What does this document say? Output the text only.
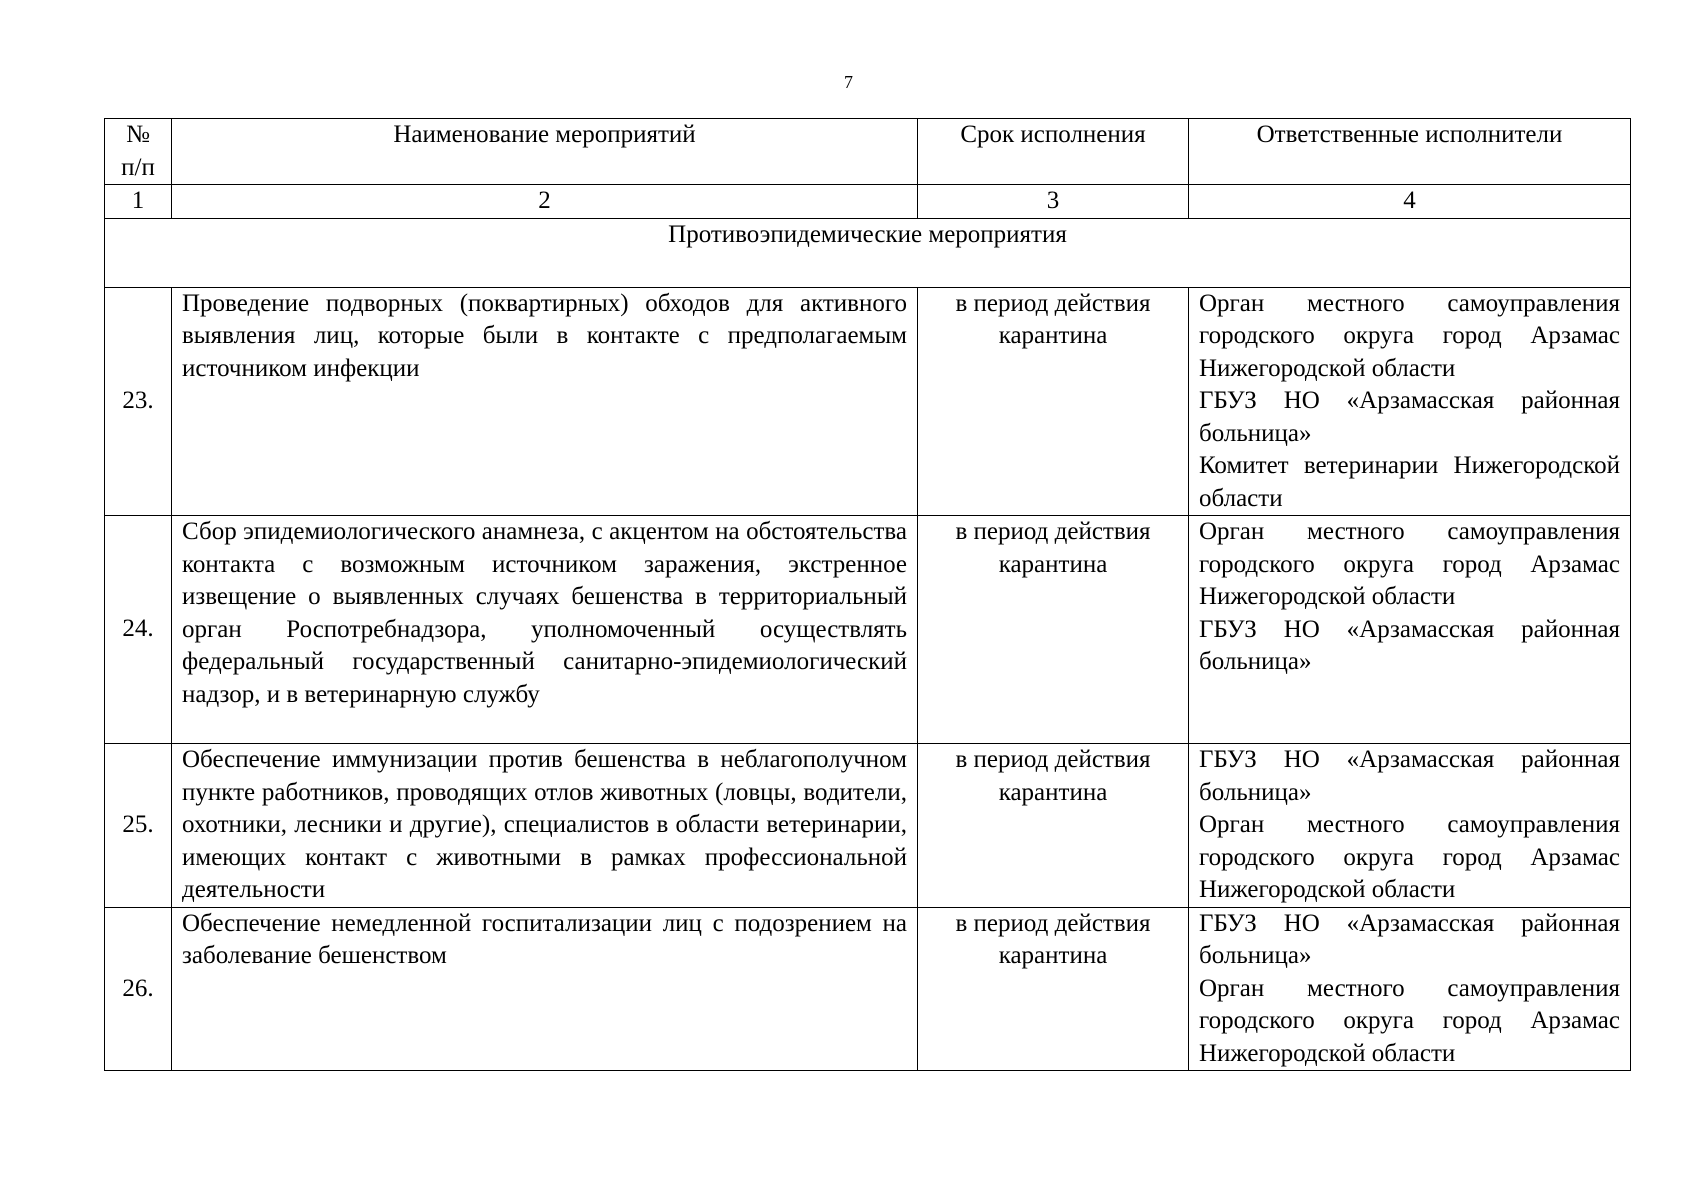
7
№ п/п	Наименование мероприятий	Срок исполнения	Ответственные исполнители
1	2	3	4
Противоэпидемические мероприятия			
23.	Проведение подворных (поквартирных) обходов для активного выявления лиц, которые были в контакте с предполагаемым источником инфекции	в период действия карантина	Орган местного самоуправления городского округа город Арзамас Нижегородской области
ГБУЗ НО «Арзамасская районная больница»
Комитет ветеринарии Нижегородской области

24.	Сбор эпидемиологического анамнеза, с акцентом на обстоятельства контакта с возможным источником заражения, экстренное извещение о выявленных случаях бешенства в территориальный орган Роспотребнадзора, уполномоченный осуществлять федеральный государственный санитарно-эпидемиологический надзор, и в ветеринарную службу	в период действия карантина	Орган местного самоуправления городского округа город Арзамас Нижегородской области
ГБУЗ НО «Арзамасская районная больница»

25.	Обеспечение иммунизации против бешенства в неблагополучном пункте работников, проводящих отлов животных (ловцы, водители, охотники, лесники и другие), специалистов в области ветеринарии, имеющих контакт с животными в рамках профессиональной деятельности	в период действия карантина	ГБУЗ НО «Арзамасская районная больница»
Орган местного самоуправления городского округа город Арзамас Нижегородской области

26.	Обеспечение немедленной госпитализации лиц с подозрением на заболевание бешенством	в период действия карантина	ГБУЗ НО «Арзамасская районная больница»
Орган местного самоуправления городского округа город Арзамас Нижегородской области
